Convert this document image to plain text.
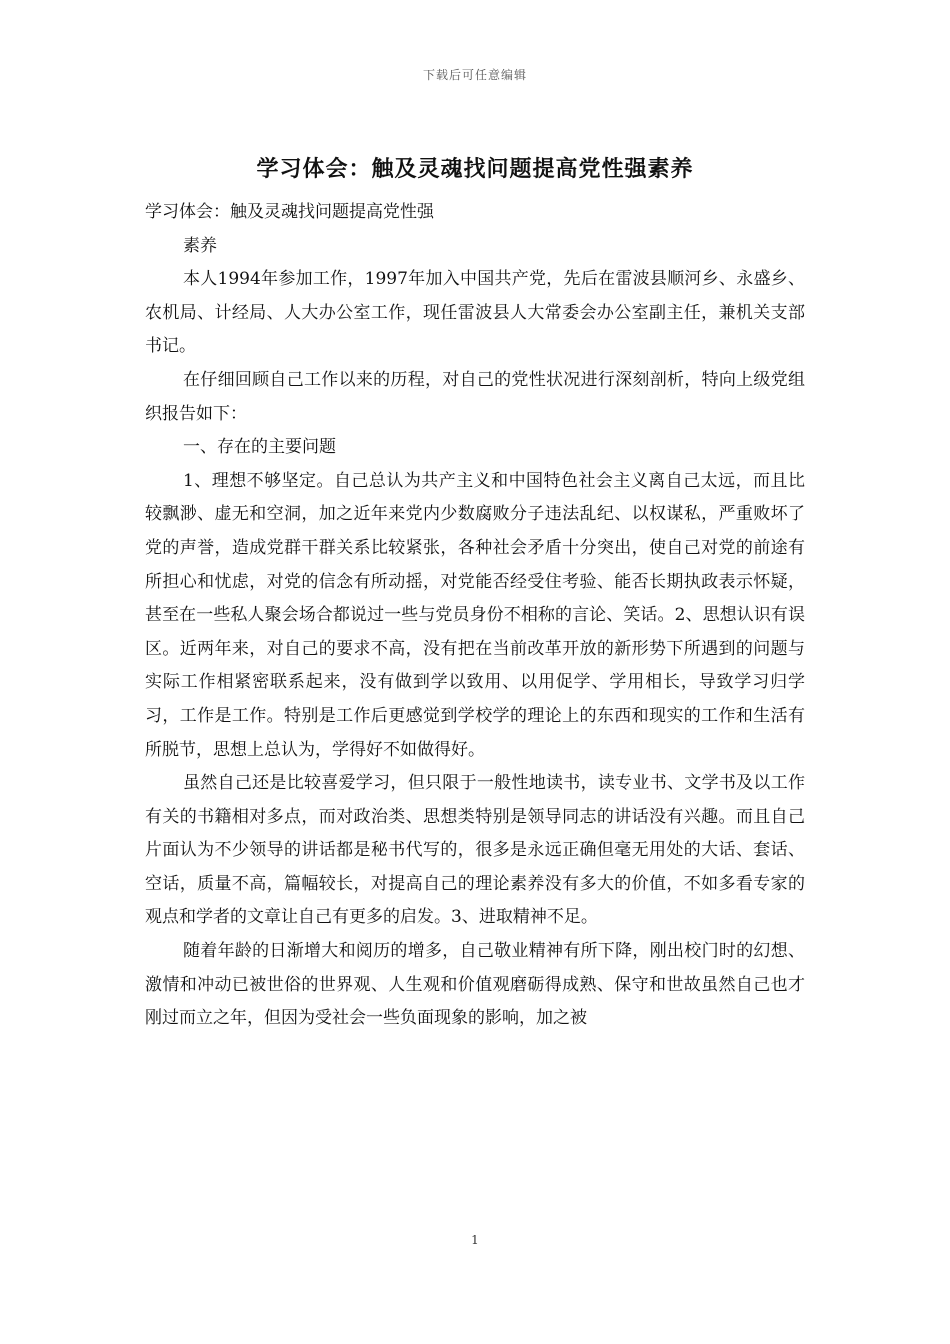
下载后可任意编辑
学习体会：触及灵魂找问题提高党性强素养

学习体会：触及灵魂找问题提高党性强

素养

本人1994年参加工作，1997年加入中国共产党，先后在雷波县顺河乡、永盛乡、农机局、计经局、人大办公室工作，现任雷波县人大常委会办公室副主任，兼机关支部书记。

在仔细回顾自己工作以来的历程，对自己的党性状况进行深刻剖析，特向上级党组织报告如下：

一、存在的主要问题

1、理想不够坚定。自己总认为共产主义和中国特色社会主义离自己太远，而且比较飘渺、虚无和空洞，加之近年来党内少数腐败分子违法乱纪、以权谋私，严重败坏了党的声誉，造成党群干群关系比较紧张，各种社会矛盾十分突出，使自己对党的前途有所担心和忧虑，对党的信念有所动摇，对党能否经受住考验、能否长期执政表示怀疑，甚至在一些私人聚会场合都说过一些与党员身份不相称的言论、笑话。2、思想认识有误区。近两年来，对自己的要求不高，没有把在当前改革开放的新形势下所遇到的问题与实际工作相紧密联系起来，没有做到学以致用、以用促学、学用相长，导致学习归学习，工作是工作。特别是工作后更感觉到学校学的理论上的东西和现实的工作和生活有所脱节，思想上总认为，学得好不如做得好。

虽然自己还是比较喜爱学习，但只限于一般性地读书，读专业书、文学书及以工作有关的书籍相对多点，而对政治类、思想类特别是领导同志的讲话没有兴趣。而且自己片面认为不少领导的讲话都是秘书代写的，很多是永远正确但毫无用处的大话、套话、空话，质量不高，篇幅较长，对提高自己的理论素养没有多大的价值，不如多看专家的观点和学者的文章让自己有更多的启发。3、进取精神不足。

随着年龄的日渐增大和阅历的增多，自己敬业精神有所下降，刚出校门时的幻想、激情和冲动已被世俗的世界观、人生观和价值观磨砺得成熟、保守和世故虽然自己也才刚过而立之年，但因为受社会一些负面现象的影响，加之被

1
